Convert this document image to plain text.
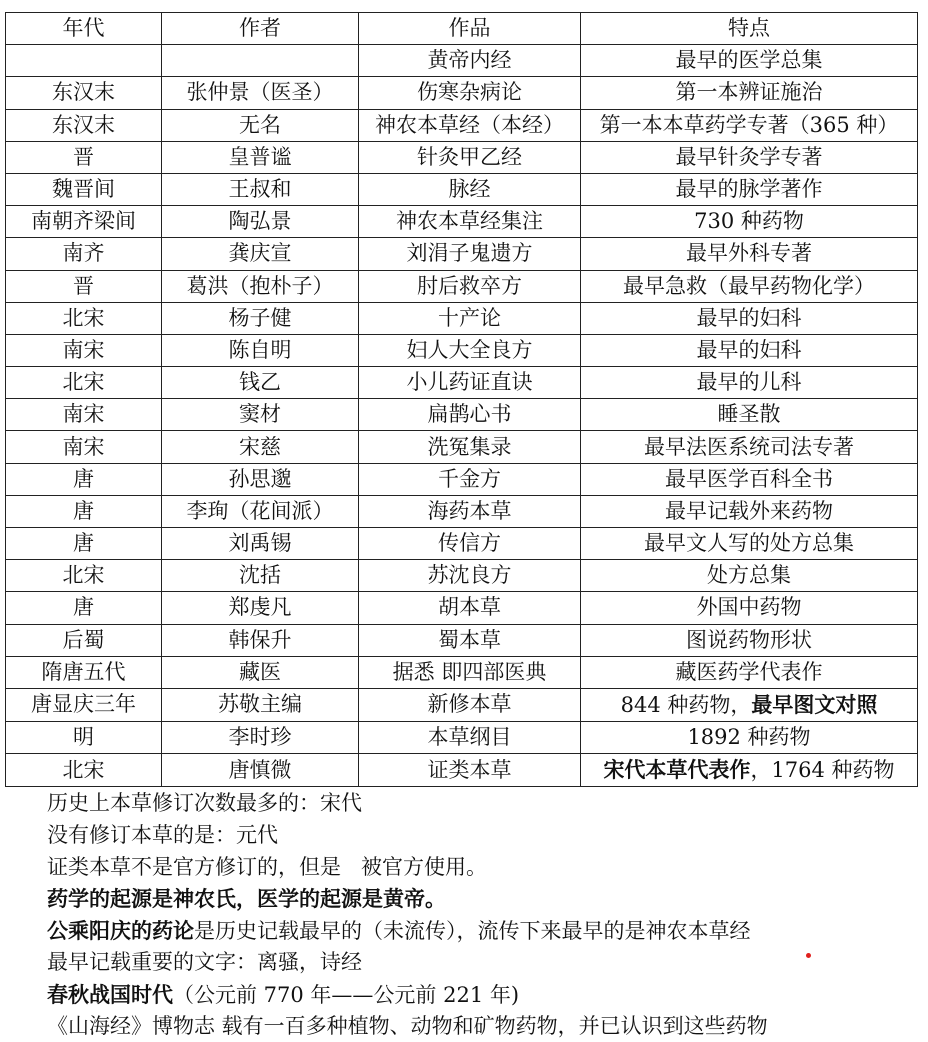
年代	作者	作品	特点
		黄帝内经	最早的医学总集
东汉末	张仲景（医圣）	伤寒杂病论	第一本辨证施治
东汉末	无名	神农本草经（本经）	第一本本草药学专著（365 种）
晋	皇普谧	针灸甲乙经	最早针灸学专著
魏晋间	王叔和	脉经	最早的脉学著作
南朝齐梁间	陶弘景	神农本草经集注	730 种药物
南齐	龚庆宣	刘涓子鬼遗方	最早外科专著
晋	葛洪（抱朴子）	肘后救卒方	最早急救（最早药物化学）
北宋	杨子健	十产论	最早的妇科
南宋	陈自明	妇人大全良方	最早的妇科
北宋	钱乙	小儿药证直诀	最早的儿科
南宋	窦材	扁鹊心书	睡圣散
南宋	宋慈	洗冤集录	最早法医系统司法专著
唐	孙思邈	千金方	最早医学百科全书
唐	李珣（花间派）	海药本草	最早记载外来药物
唐	刘禹锡	传信方	最早文人写的处方总集
北宋	沈括	苏沈良方	处方总集
唐	郑虔凡	胡本草	外国中药物
后蜀	韩保升	蜀本草	图说药物形状
隋唐五代	藏医	据悉 即四部医典	藏医药学代表作
唐显庆三年	苏敬主编	新修本草	844 种药物，最早图文对照
明	李时珍	本草纲目	1892 种药物
北宋	唐慎微	证类本草	宋代本草代表作，1764 种药物
历史上本草修订次数最多的：宋代
没有修订本草的是：元代
证类本草不是官方修订的，但是   被官方使用。
药学的起源是神农氏，医学的起源是黄帝。
公乘阳庆的药论是历史记载最早的（未流传），流传下来最早的是神农本草经
最早记载重要的文字：离骚，诗经
春秋战国时代（公元前 770 年——公元前 221 年)
《山海经》博物志 载有一百多种植物、动物和矿物药物，并已认识到这些药物
